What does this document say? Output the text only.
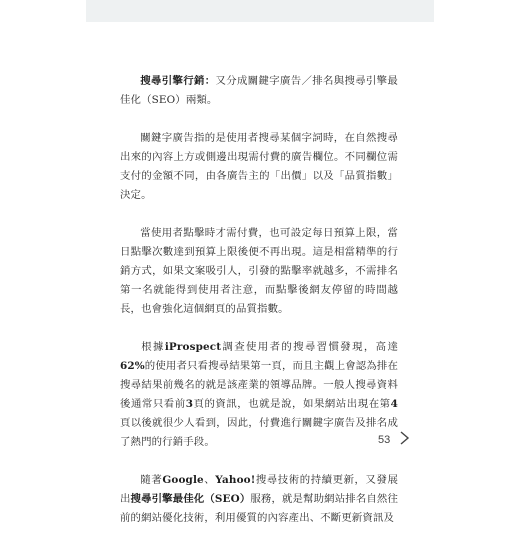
搜尋引擎行銷：又分成關鍵字廣告／排名與搜尋引擎最佳化（SEO）兩類。

關鍵字廣告指的是使用者搜尋某個字詞時，在自然搜尋出來的內容上方或側邊出現需付費的廣告欄位。不同欄位需支付的金額不同，由各廣告主的「出價」以及「品質指數」決定。

當使用者點擊時才需付費，也可設定每日預算上限，當日點擊次數達到預算上限後便不再出現。這是相當精準的行銷方式，如果文案吸引人，引發的點擊率就越多，不需排名第一名就能得到使用者注意，而點擊後網友停留的時間越長，也會強化這個網頁的品質指數。

根據iProspect調查使用者的搜尋習慣發現，高達62%的使用者只看搜尋結果第一頁，而且主觀上會認為排在搜尋結果前幾名的就是該產業的領導品牌。一般人搜尋資料後通常只看前3頁的資訊，也就是說，如果網站出現在第4頁以後就很少人看到，因此，付費進行關鍵字廣告及排名成了熱門的行銷手段。

隨著Google、Yahoo!搜尋技術的持續更新，又發展出搜尋引擎最佳化（SEO）服務，就是幫助網站排名自然往前的網站優化技術，利用優質的內容產出、不斷更新資訊及

53
